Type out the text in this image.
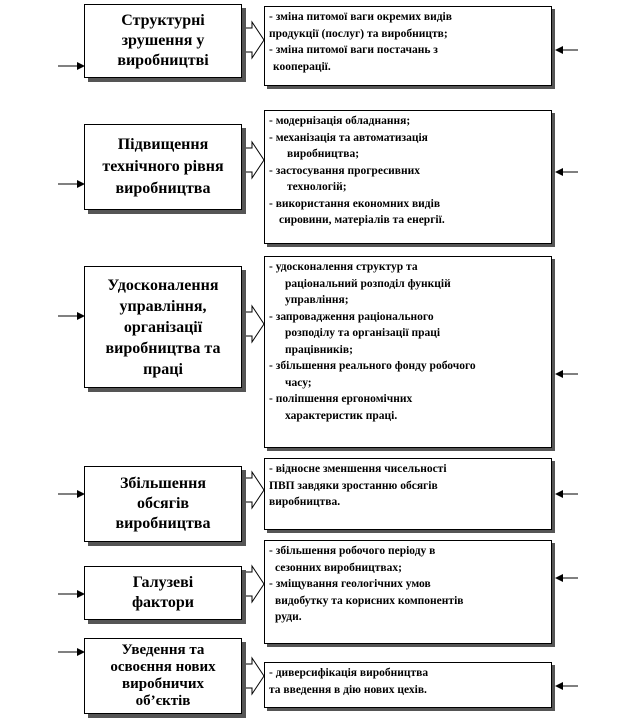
Структурні
зрушення у
виробництві
Підвищення
технічного рівня
виробництва
Удосконалення
управління,
організації
виробництва та
праці
Збільшення
обсягів
виробництва
Галузеві
фактори
Уведення та
освоєння нових
виробничих
об’єктів
- зміна питомої ваги окремих видів
продукції (послуг) та виробництв;
- зміна питомої ваги постачань з
кооперації.
- модернізація обладнання;
- механізація та автоматизація
виробництва;
- застосування прогресивних
технологій;
- використання економних видів
сировини, матеріалів та енергії.
- удосконалення структур та
раціональний розподіл функцій
управління;
- запровадження раціонального
розподілу та організації праці
працівників;
- збільшення реального фонду робочого
часу;
- поліпшення ергономічних
характеристик праці.
- відносне зменшення чисельності
ПВП завдяки зростанню обсягів
виробництва.
- збільшення робочого періоду в
сезонних виробництвах;
- зміщування геологічних умов
видобутку та корисних компонентів
руди.
- диверсифікація виробництва
та введення в дію нових цехів.
